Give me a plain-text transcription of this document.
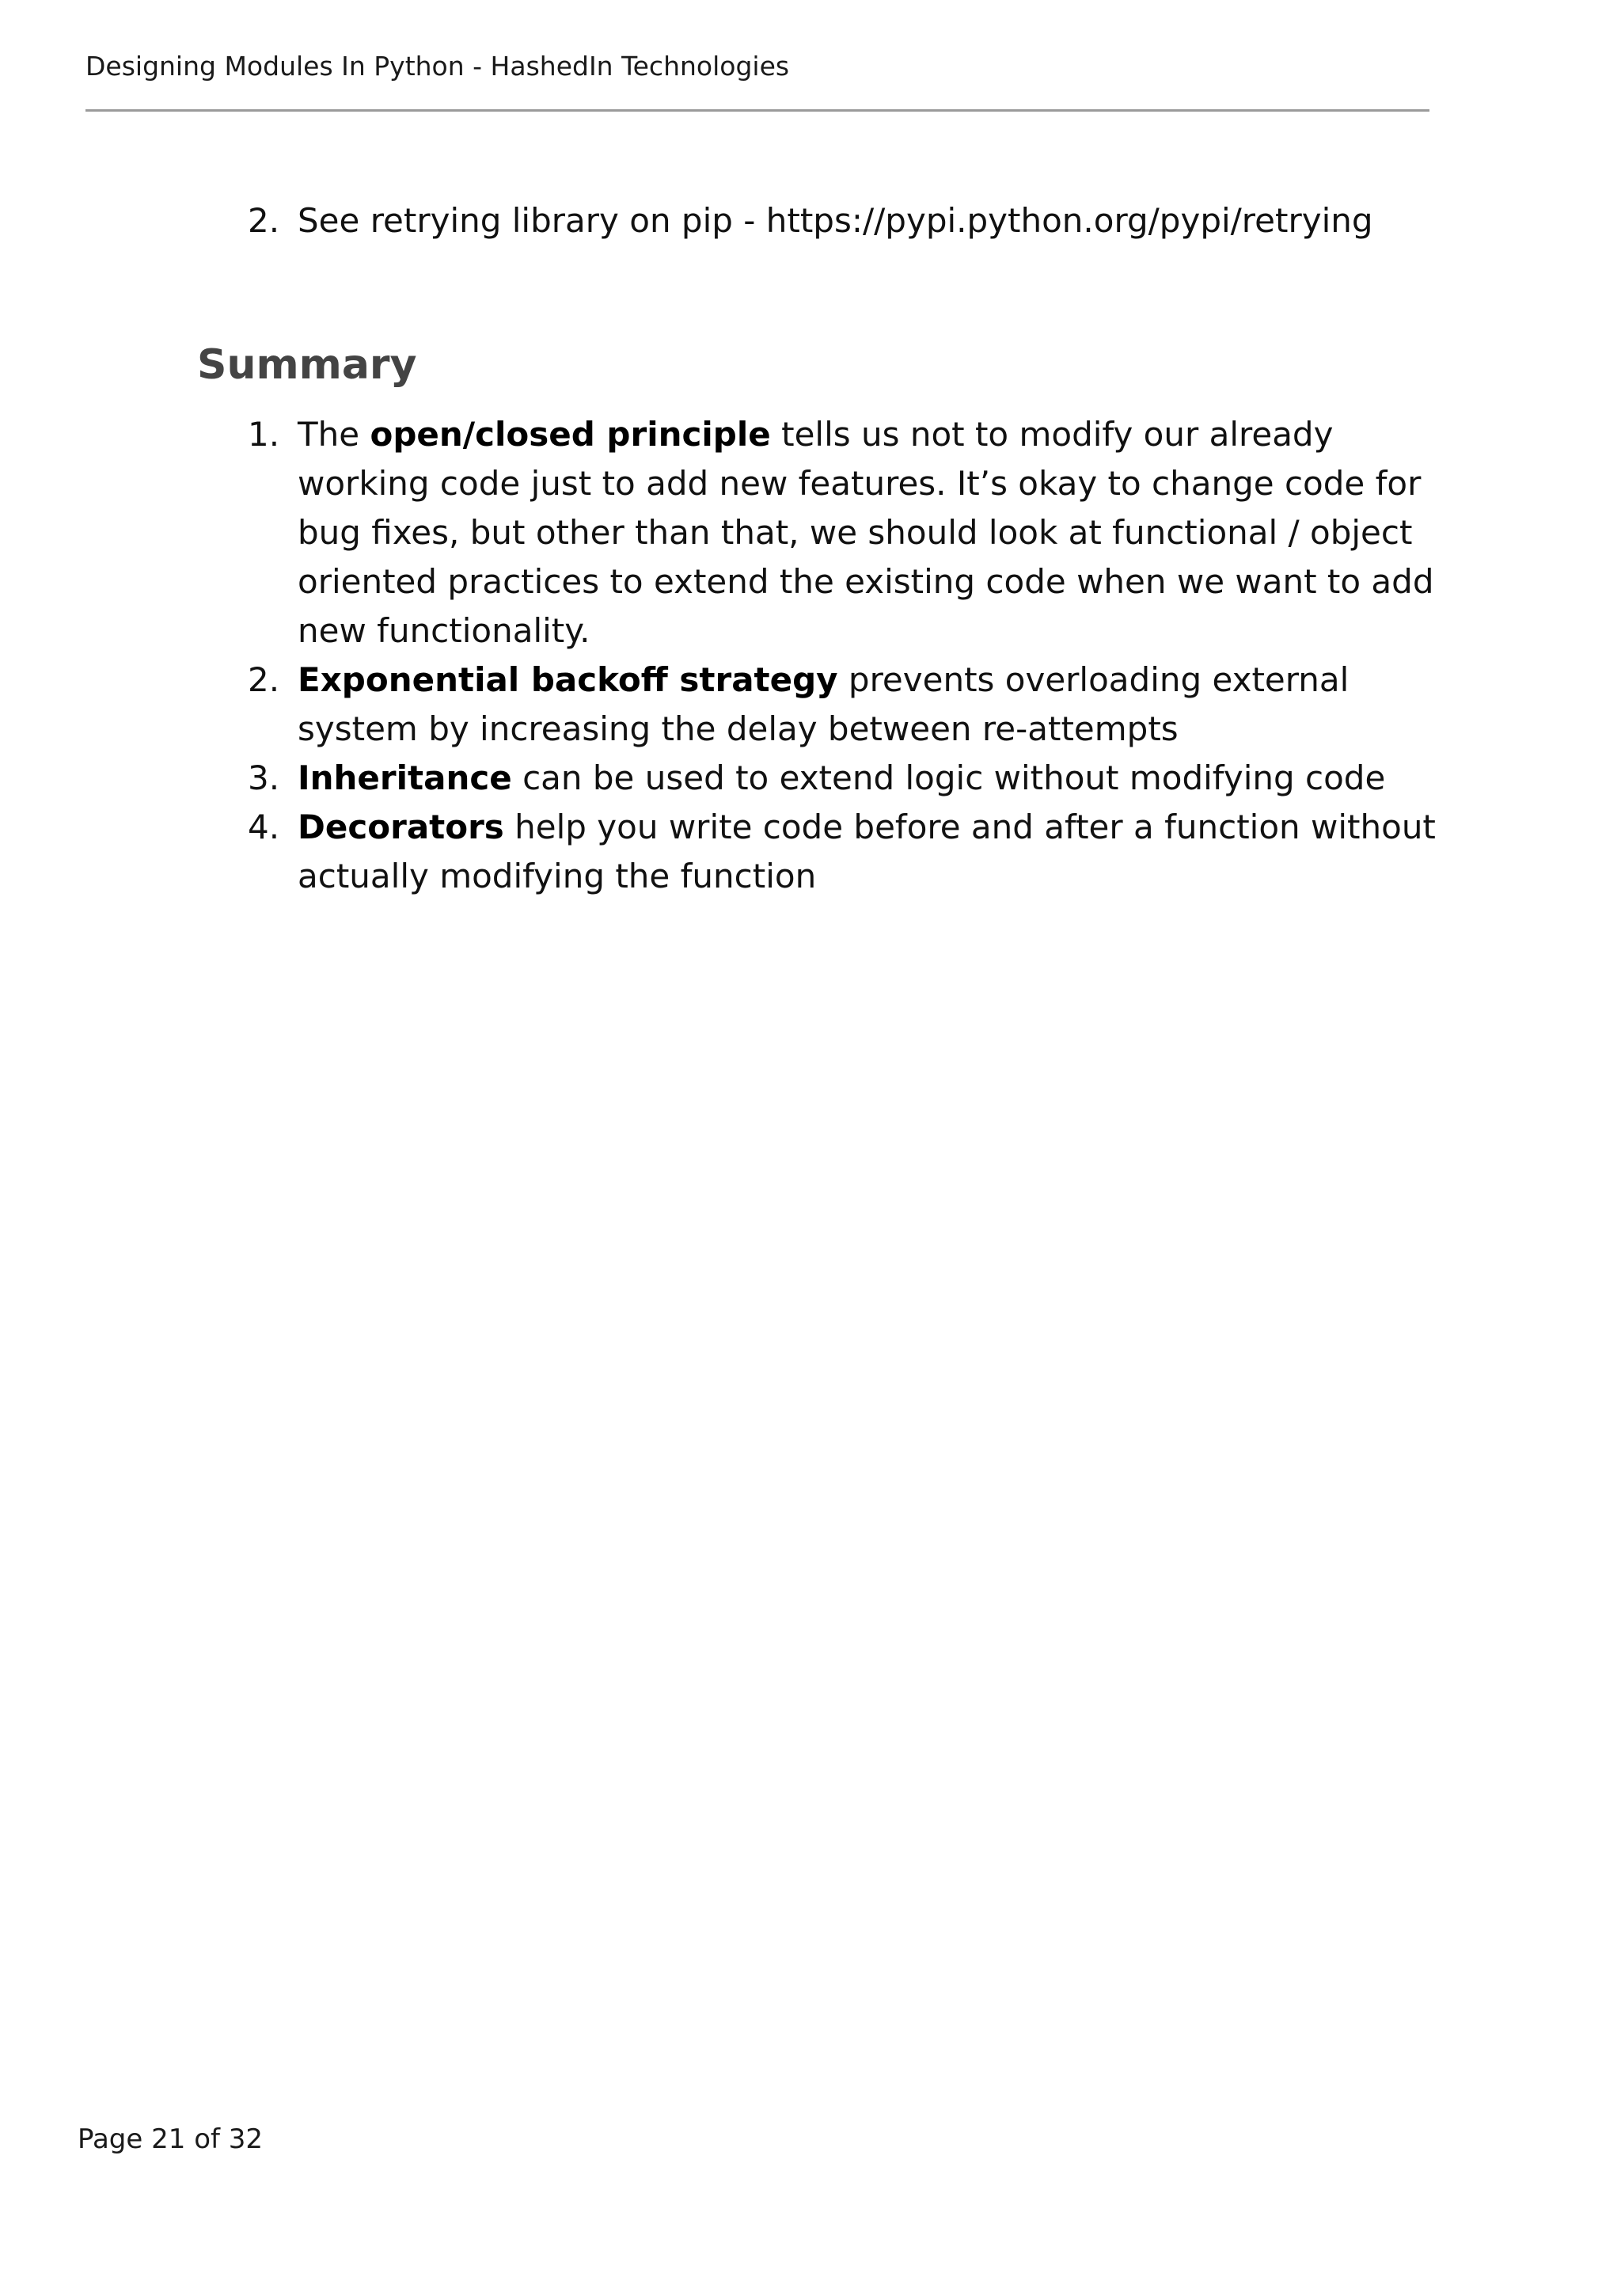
Designing Modules In Python - HashedIn Technologies
2. See retrying library on pip - https://pypi.python.org/pypi/retrying
Summary
1. The open/closed principle tells us not to modify our already working code just to add new features. It’s okay to change code for bug fixes, but other than that, we should look at functional / object oriented practices to extend the existing code when we want to add new functionality.
2. Exponential backoff strategy prevents overloading external system by increasing the delay between re-attempts
3. Inheritance can be used to extend logic without modifying code
4. Decorators help you write code before and after a function without actually modifying the function
Page 21 of 32
